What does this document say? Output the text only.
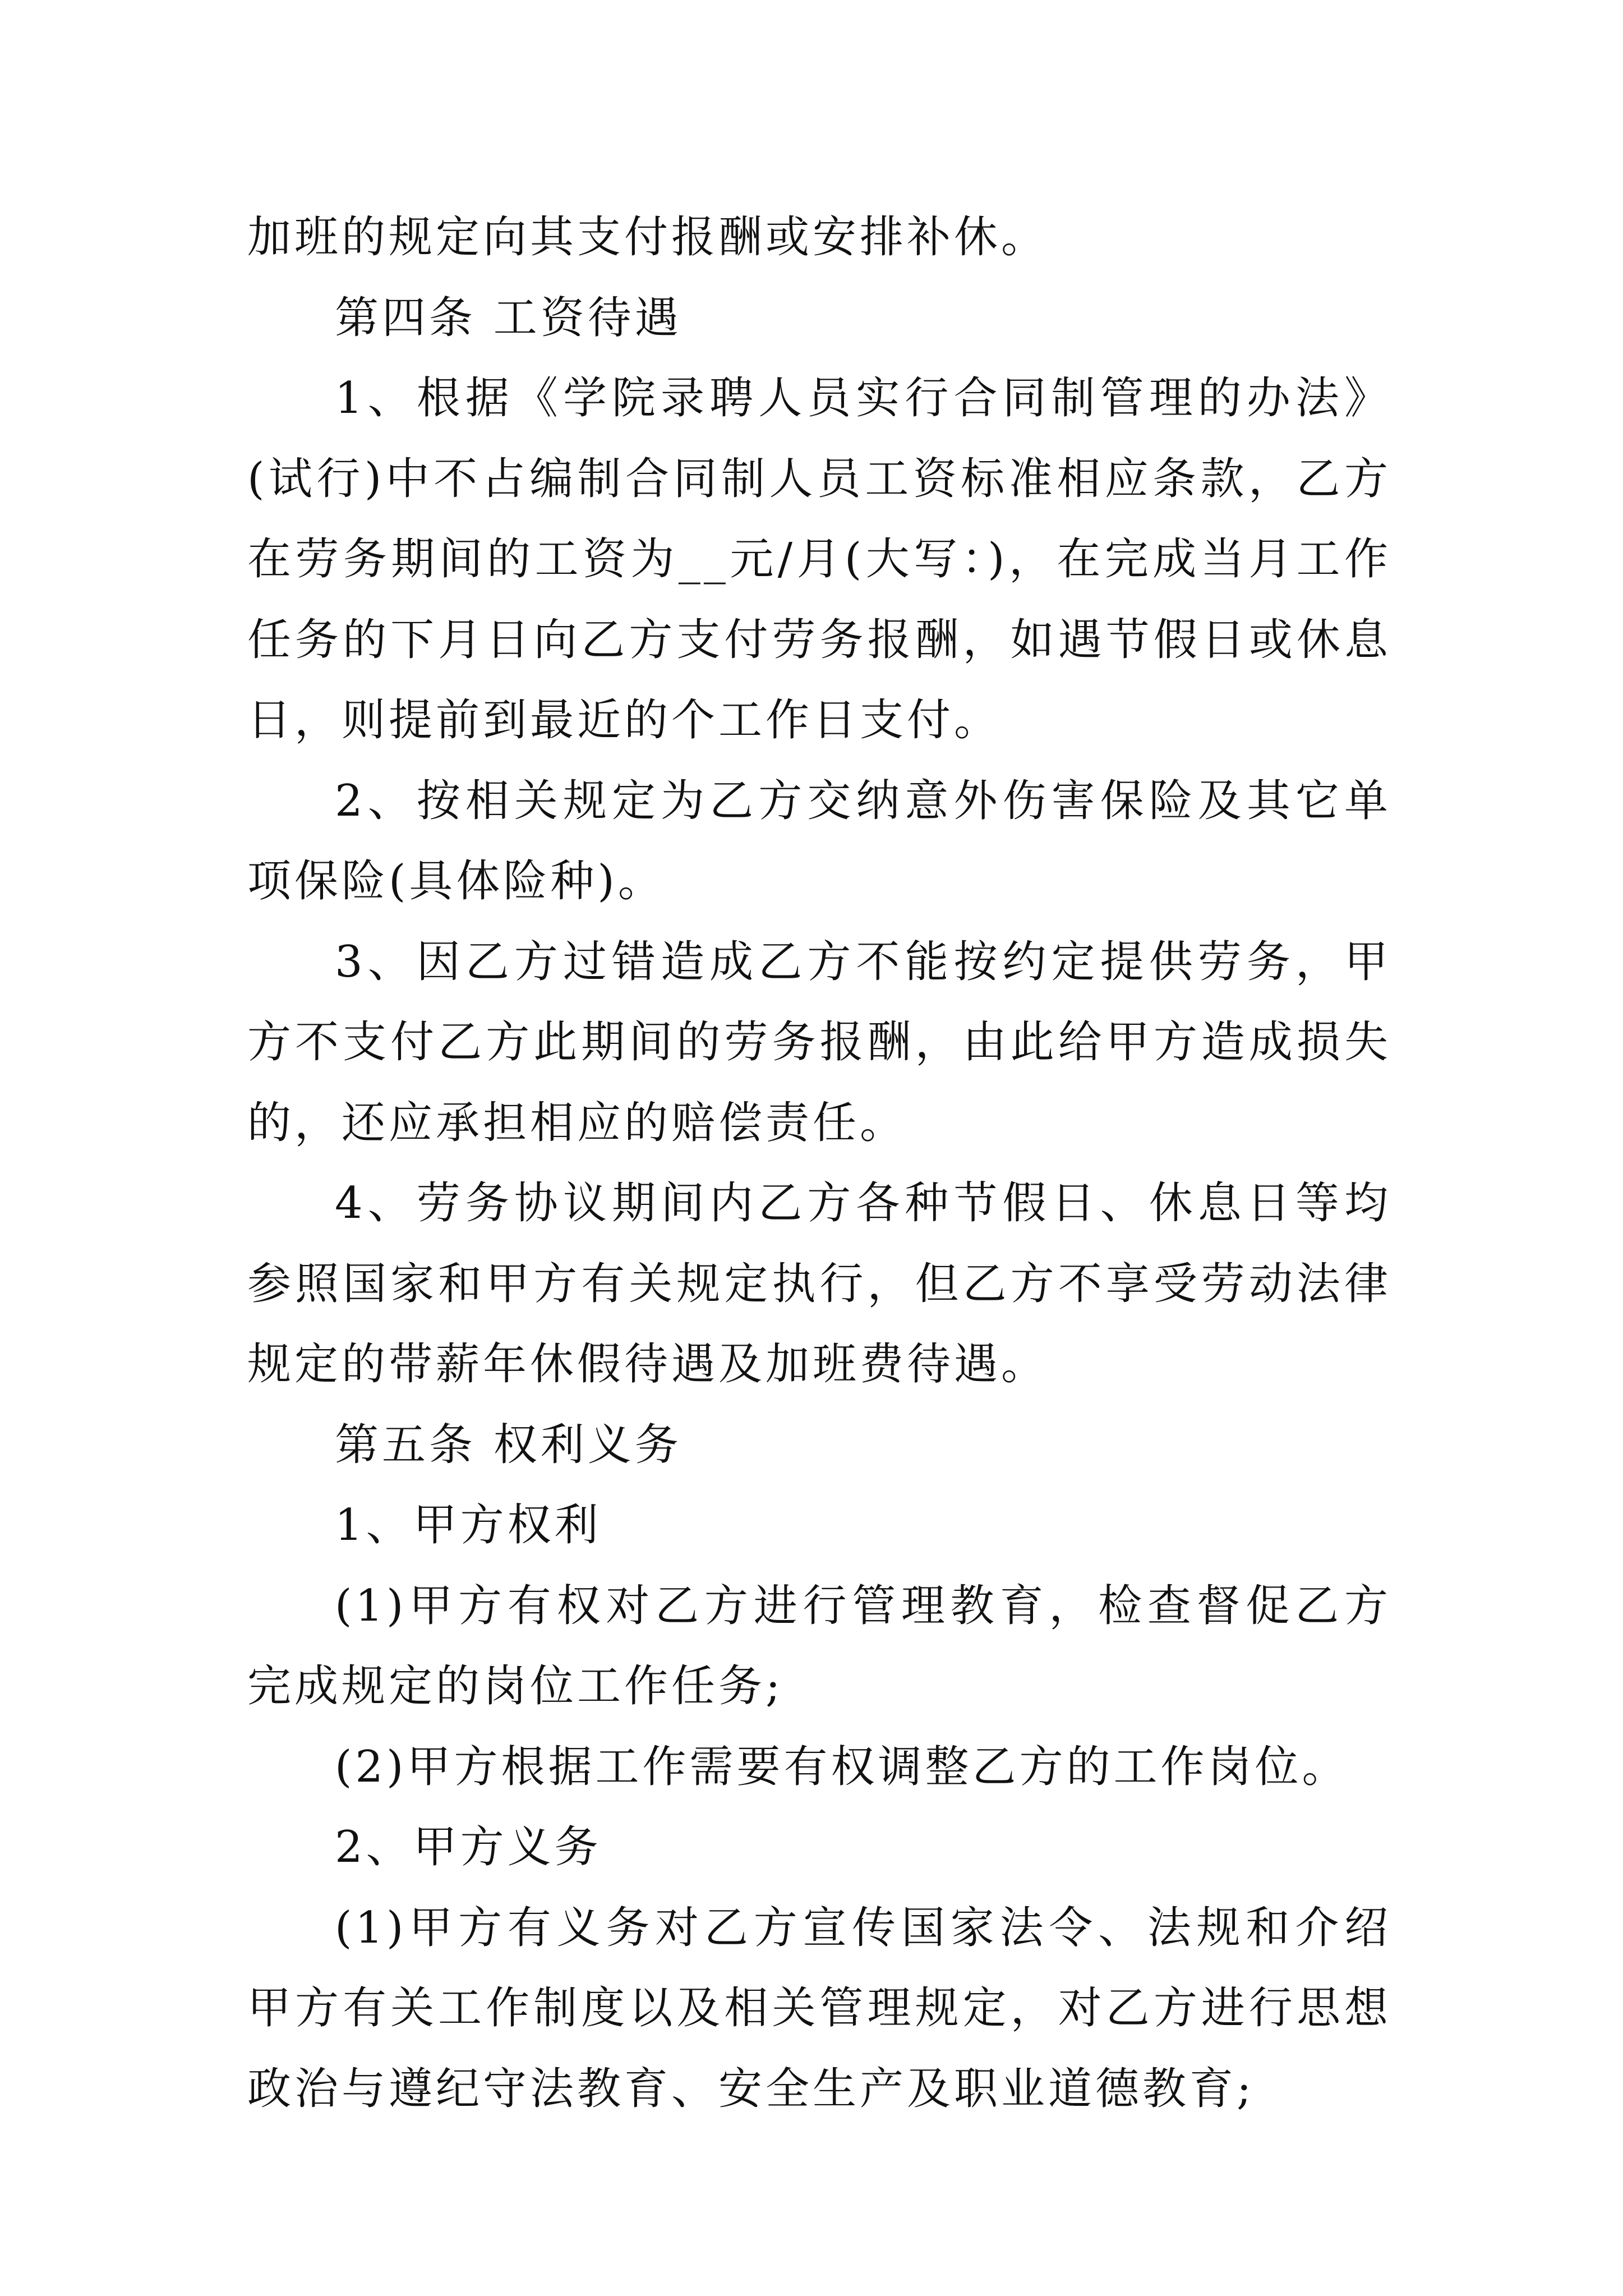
加班的规定向其支付报酬或安排补休。

第四条 工资待遇

1、根据《学院录聘人员实行合同制管理的办法》(试行)中不占编制合同制人员工资标准相应条款，乙方在劳务期间的工资为__元/月(大写：)，在完成当月工作任务的下月日向乙方支付劳务报酬，如遇节假日或休息日，则提前到最近的个工作日支付。

2、按相关规定为乙方交纳意外伤害保险及其它单项保险(具体险种)。

3、因乙方过错造成乙方不能按约定提供劳务，甲方不支付乙方此期间的劳务报酬，由此给甲方造成损失的，还应承担相应的赔偿责任。

4、劳务协议期间内乙方各种节假日、休息日等均参照国家和甲方有关规定执行，但乙方不享受劳动法律规定的带薪年休假待遇及加班费待遇。

第五条 权利义务

1、甲方权利

(1)甲方有权对乙方进行管理教育，检查督促乙方完成规定的岗位工作任务;

(2)甲方根据工作需要有权调整乙方的工作岗位。

2、甲方义务

(1)甲方有义务对乙方宣传国家法令、法规和介绍甲方有关工作制度以及相关管理规定，对乙方进行思想政治与遵纪守法教育、安全生产及职业道德教育;
